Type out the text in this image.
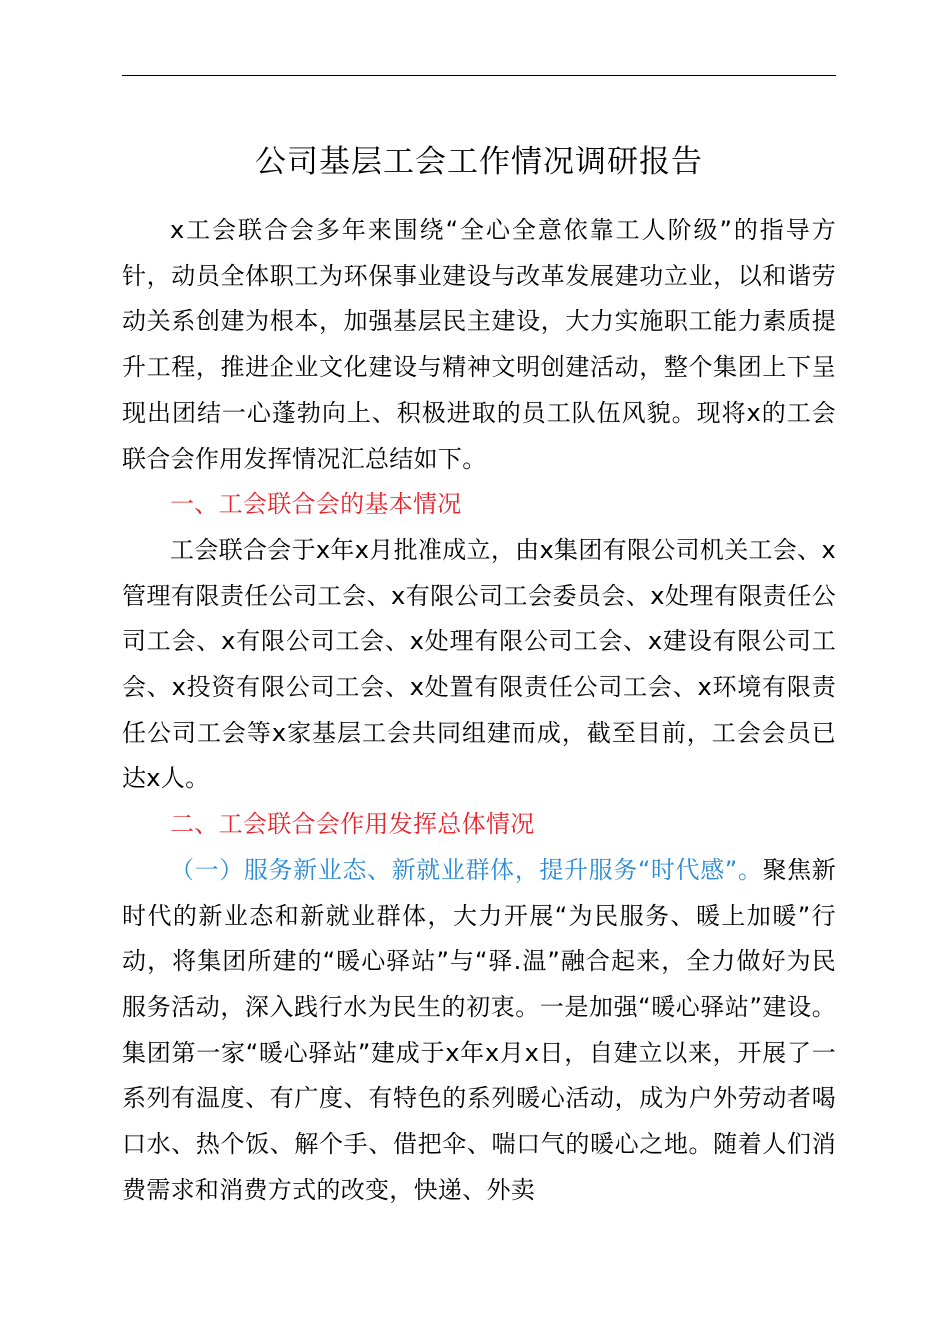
公司基层工会工作情况调研报告

x工会联合会多年来围绕“全心全意依靠工人阶级”的指导方针，动员全体职工为环保事业建设与改革发展建功立业，以和谐劳动关系创建为根本，加强基层民主建设，大力实施职工能力素质提升工程，推进企业文化建设与精神文明创建活动，整个集团上下呈现出团结一心蓬勃向上、积极进取的员工队伍风貌。现将x的工会联合会作用发挥情况汇总结如下。

一、工会联合会的基本情况

工会联合会于x年x月批准成立，由x集团有限公司机关工会、x管理有限责任公司工会、x有限公司工会委员会、x处理有限责任公司工会、x有限公司工会、x处理有限公司工会、x建设有限公司工会、x投资有限公司工会、x处置有限责任公司工会、x环境有限责任公司工会等x家基层工会共同组建而成，截至目前，工会会员已达x人。

二、工会联合会作用发挥总体情况

（一）服务新业态、新就业群体，提升服务“时代感”。聚焦新时代的新业态和新就业群体，大力开展“为民服务、暖上加暖”行动，将集团所建的“暖心驿站”与“驿.温”融合起来，全力做好为民服务活动，深入践行水为民生的初衷。一是加强“暖心驿站”建设。集团第一家“暖心驿站”建成于x年x月x日，自建立以来，开展了一系列有温度、有广度、有特色的系列暖心活动，成为户外劳动者喝口水、热个饭、解个手、借把伞、喘口气的暖心之地。随着人们消费需求和消费方式的改变，快递、外卖
